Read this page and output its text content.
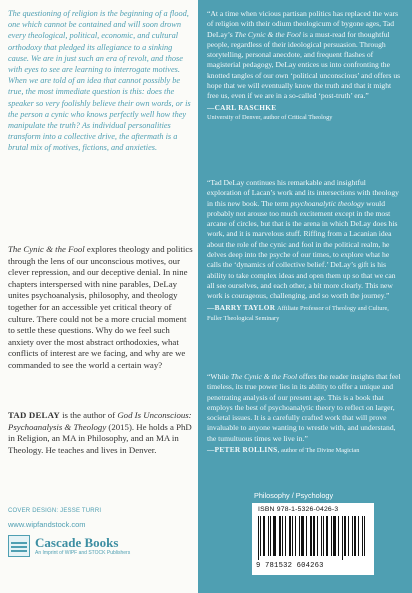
The questioning of religion is the beginning of a flood, one which cannot be contained and will soon drown every theological, political, economic, and cultural orthodoxy that pledged its allegiance to a sinking cause. We are in just such an era of revolt, and those with eyes to see are learning to interrogate motives. When we are told of an idea that cannot possibly be true, the most immediate question is this: does the speaker so very foolishly believe their own words, or is the person a cynic who knows perfectly well how they manipulate the truth? As individual personalities transform into a collective drive, the aftermath is a brutal mix of motives, fictions, and anxieties.
The Cynic & the Fool explores theology and politics through the lens of our unconscious motives, our clever repression, and our deceptive denial. In nine chapters interspersed with nine parables, DeLay unites psychoanalysis, philosophy, and theology together for an accessible yet critical theory of culture. There could not be a more crucial moment to settle these questions. Why do we feel such anxiety over the most abstract orthodoxies, what conflicts of interest are we facing, and why are we commanded to see the world a certain way?
TAD DELAY is the author of God Is Unconscious: Psychoanalysis & Theology (2015). He holds a PhD in Religion, an MA in Philosophy, and an MA in Theology. He teaches and lives in Denver.
COVER DESIGN: JESSE TURRI
www.wipfandstock.com
Cascade Books
An Imprint of WIPF and STOCK Publishers
“At a time when vicious partisan politics has replaced the wars of religion with their odium theologicum of bygone ages, Tad DeLay’s The Cynic & the Fool is a must-read for thoughtful people, regardless of their ideological persuasion. Through storytelling, personal anecdote, and frequent flashes of magisterial pedagogy, DeLay entices us into confronting the knotted tangles of our own ‘political unconscious’ and offers us hope that we will eventually know the truth and that it might free us, even if we are in a so-called ‘post-truth’ era.”
—CARL RASCHKE
University of Denver, author of Critical Theology
“Tad DeLay continues his remarkable and insightful exploration of Lacan’s work and its intersections with theology in this new book. The term psychoanalytic theology would probably not arouse too much excitement except in the most arcane of circles, but that is the arena in which DeLay does his work, and it is marvelous stuff. Riffing from a Lacanian idea about the role of the cynic and fool in the political realm, he delves deep into the psyche of our times, to explore what he calls the ‘dynamics of collective belief.’ DeLay’s gift is his ability to take complex ideas and open them up so that we can all see ourselves, and each other, a bit more clearly. This new work is courageous, challenging, and so worth the journey.”
—BARRY TAYLOR Affiliate Professor of Theology and Culture, Fuller Theological Seminary
“While The Cynic & the Fool offers the reader insights that feel timeless, its true power lies in its ability to offer a unique and penetrating analysis of our present age. This is a book that employs the best of psychoanalytic theory to reflect on larger, societal issues. It is a carefully crafted work that will prove invaluable to anyone wanting to wrestle with, and understand, the tumultuous times we live in.”
—PETER ROLLINS, author of The Divine Magician
Philosophy / Psychology
ISBN 978-1-5326-0426-3
9 781532 604263
